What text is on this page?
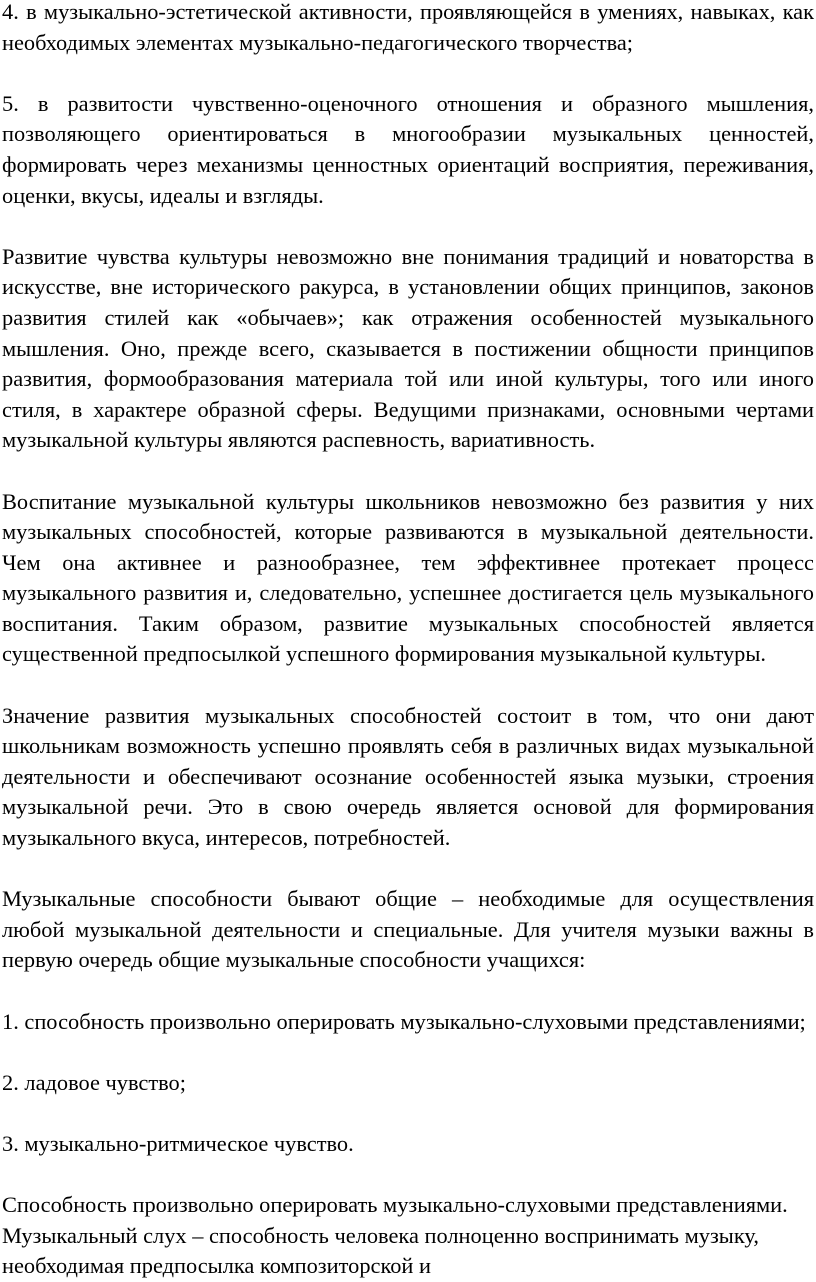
4. в музыкально-эстетической активности, проявляющейся в умениях, навыках, как необходимых элементах музыкально-педагогического творчества;

5. в развитости чувственно-оценочного отношения и образного мышления, позволяющего ориентироваться в многообразии музыкальных ценностей, формировать через механизмы ценностных ориентаций восприятия, переживания, оценки, вкусы, идеалы и взгляды.

Развитие чувства культуры невозможно вне понимания традиций и новаторства в искусстве, вне исторического ракурса, в установлении общих принципов, законов развития стилей как «обычаев»; как отражения особенностей музыкального мышления. Оно, прежде всего, сказывается в постижении общности принципов развития, формообразования материала той или иной культуры, того или иного стиля, в характере образной сферы. Ведущими признаками, основными чертами музыкальной культуры являются распевность, вариативность.

Воспитание музыкальной культуры школьников невозможно без развития у них музыкальных способностей, которые развиваются в музыкальной деятельности. Чем она активнее и разнообразнее, тем эффективнее протекает процесс музыкального развития и, следовательно, успешнее достигается цель музыкального воспитания. Таким образом, развитие музыкальных способностей является существенной предпосылкой успешного формирования музыкальной культуры.

Значение развития музыкальных способностей состоит в том, что они дают школьникам возможность успешно проявлять себя в различных видах музыкальной деятельности и обеспечивают осознание особенностей языка музыки, строения музыкальной речи. Это в свою очередь является основой для формирования музыкального вкуса, интересов, потребностей.

Музыкальные способности бывают общие – необходимые для осуществления любой музыкальной деятельности и специальные. Для учителя музыки важны в первую очередь общие музыкальные способности учащихся:

1. способность произвольно оперировать музыкально-слуховыми представлениями;

2. ладовое чувство;

3. музыкально-ритмическое чувство.

Способность произвольно оперировать музыкально-слуховыми представлениями. Музыкальный слух – способность человека полноценно воспринимать музыку, необходимая предпосылка композиторской и
